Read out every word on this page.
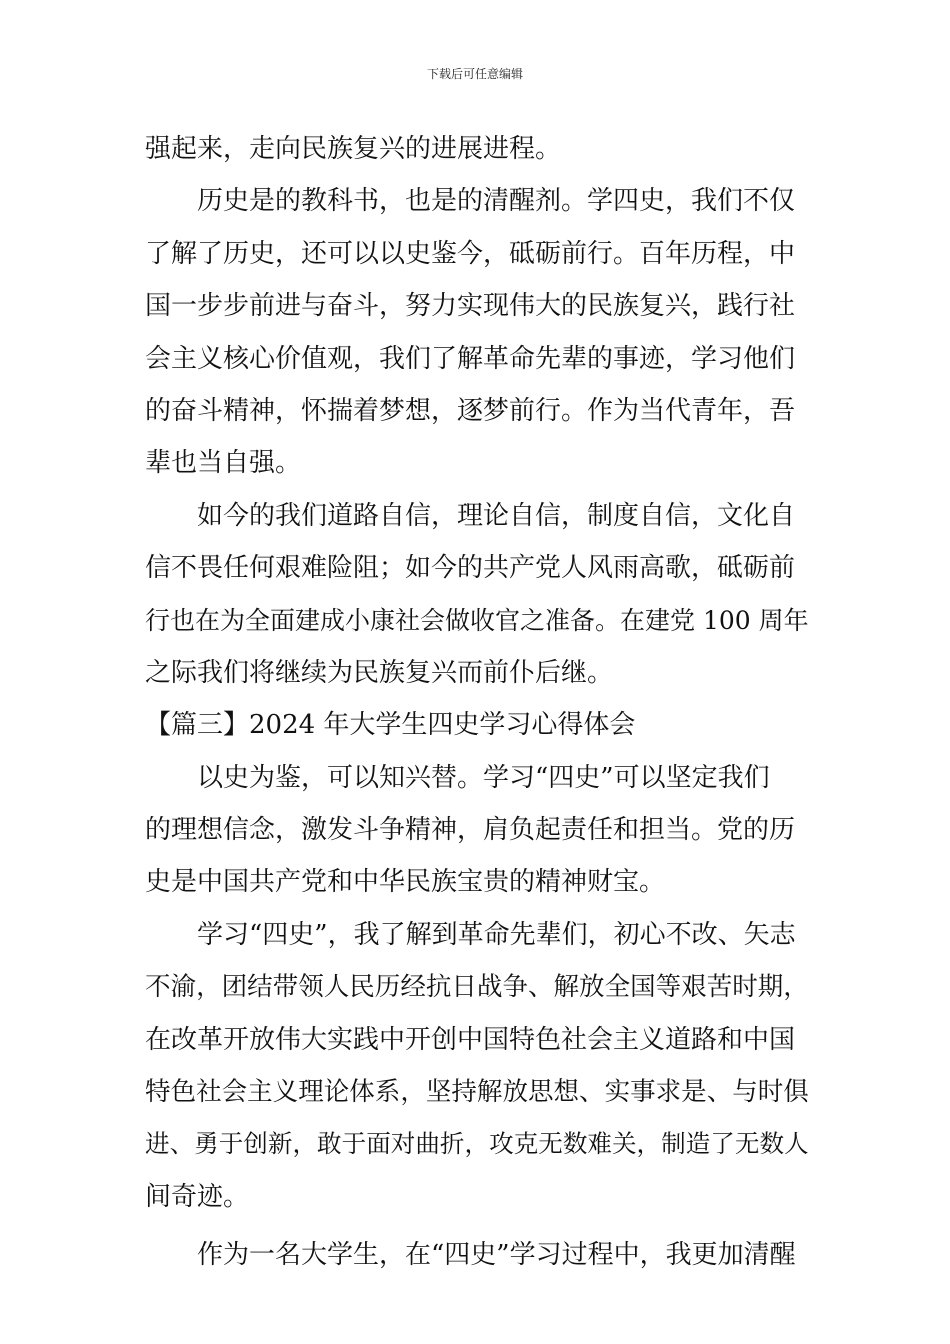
下载后可任意编辑
强起来，走向民族复兴的进展进程。
历史是的教科书，也是的清醒剂。学四史，我们不仅
了解了历史，还可以以史鉴今，砥砺前行。百年历程，中
国一步步前进与奋斗，努力实现伟大的民族复兴，践行社
会主义核心价值观，我们了解革命先辈的事迹，学习他们
的奋斗精神，怀揣着梦想，逐梦前行。作为当代青年，吾
辈也当自强。
如今的我们道路自信，理论自信，制度自信，文化自
信不畏任何艰难险阻；如今的共产党人风雨高歌，砥砺前
行也在为全面建成小康社会做收官之准备。在建党 100 周年
之际我们将继续为民族复兴而前仆后继。
【篇三】2024 年大学生四史学习心得体会
以史为鉴，可以知兴替。学习“四史”可以坚定我们
的理想信念，激发斗争精神，肩负起责任和担当。党的历
史是中国共产党和中华民族宝贵的精神财宝。
学习“四史”，我了解到革命先辈们，初心不改、矢志
不渝，团结带领人民历经抗日战争、解放全国等艰苦时期，
在改革开放伟大实践中开创中国特色社会主义道路和中国
特色社会主义理论体系，坚持解放思想、实事求是、与时俱
进、勇于创新，敢于面对曲折，攻克无数难关，制造了无数人
间奇迹。
作为一名大学生，在“四史”学习过程中，我更加清醒
